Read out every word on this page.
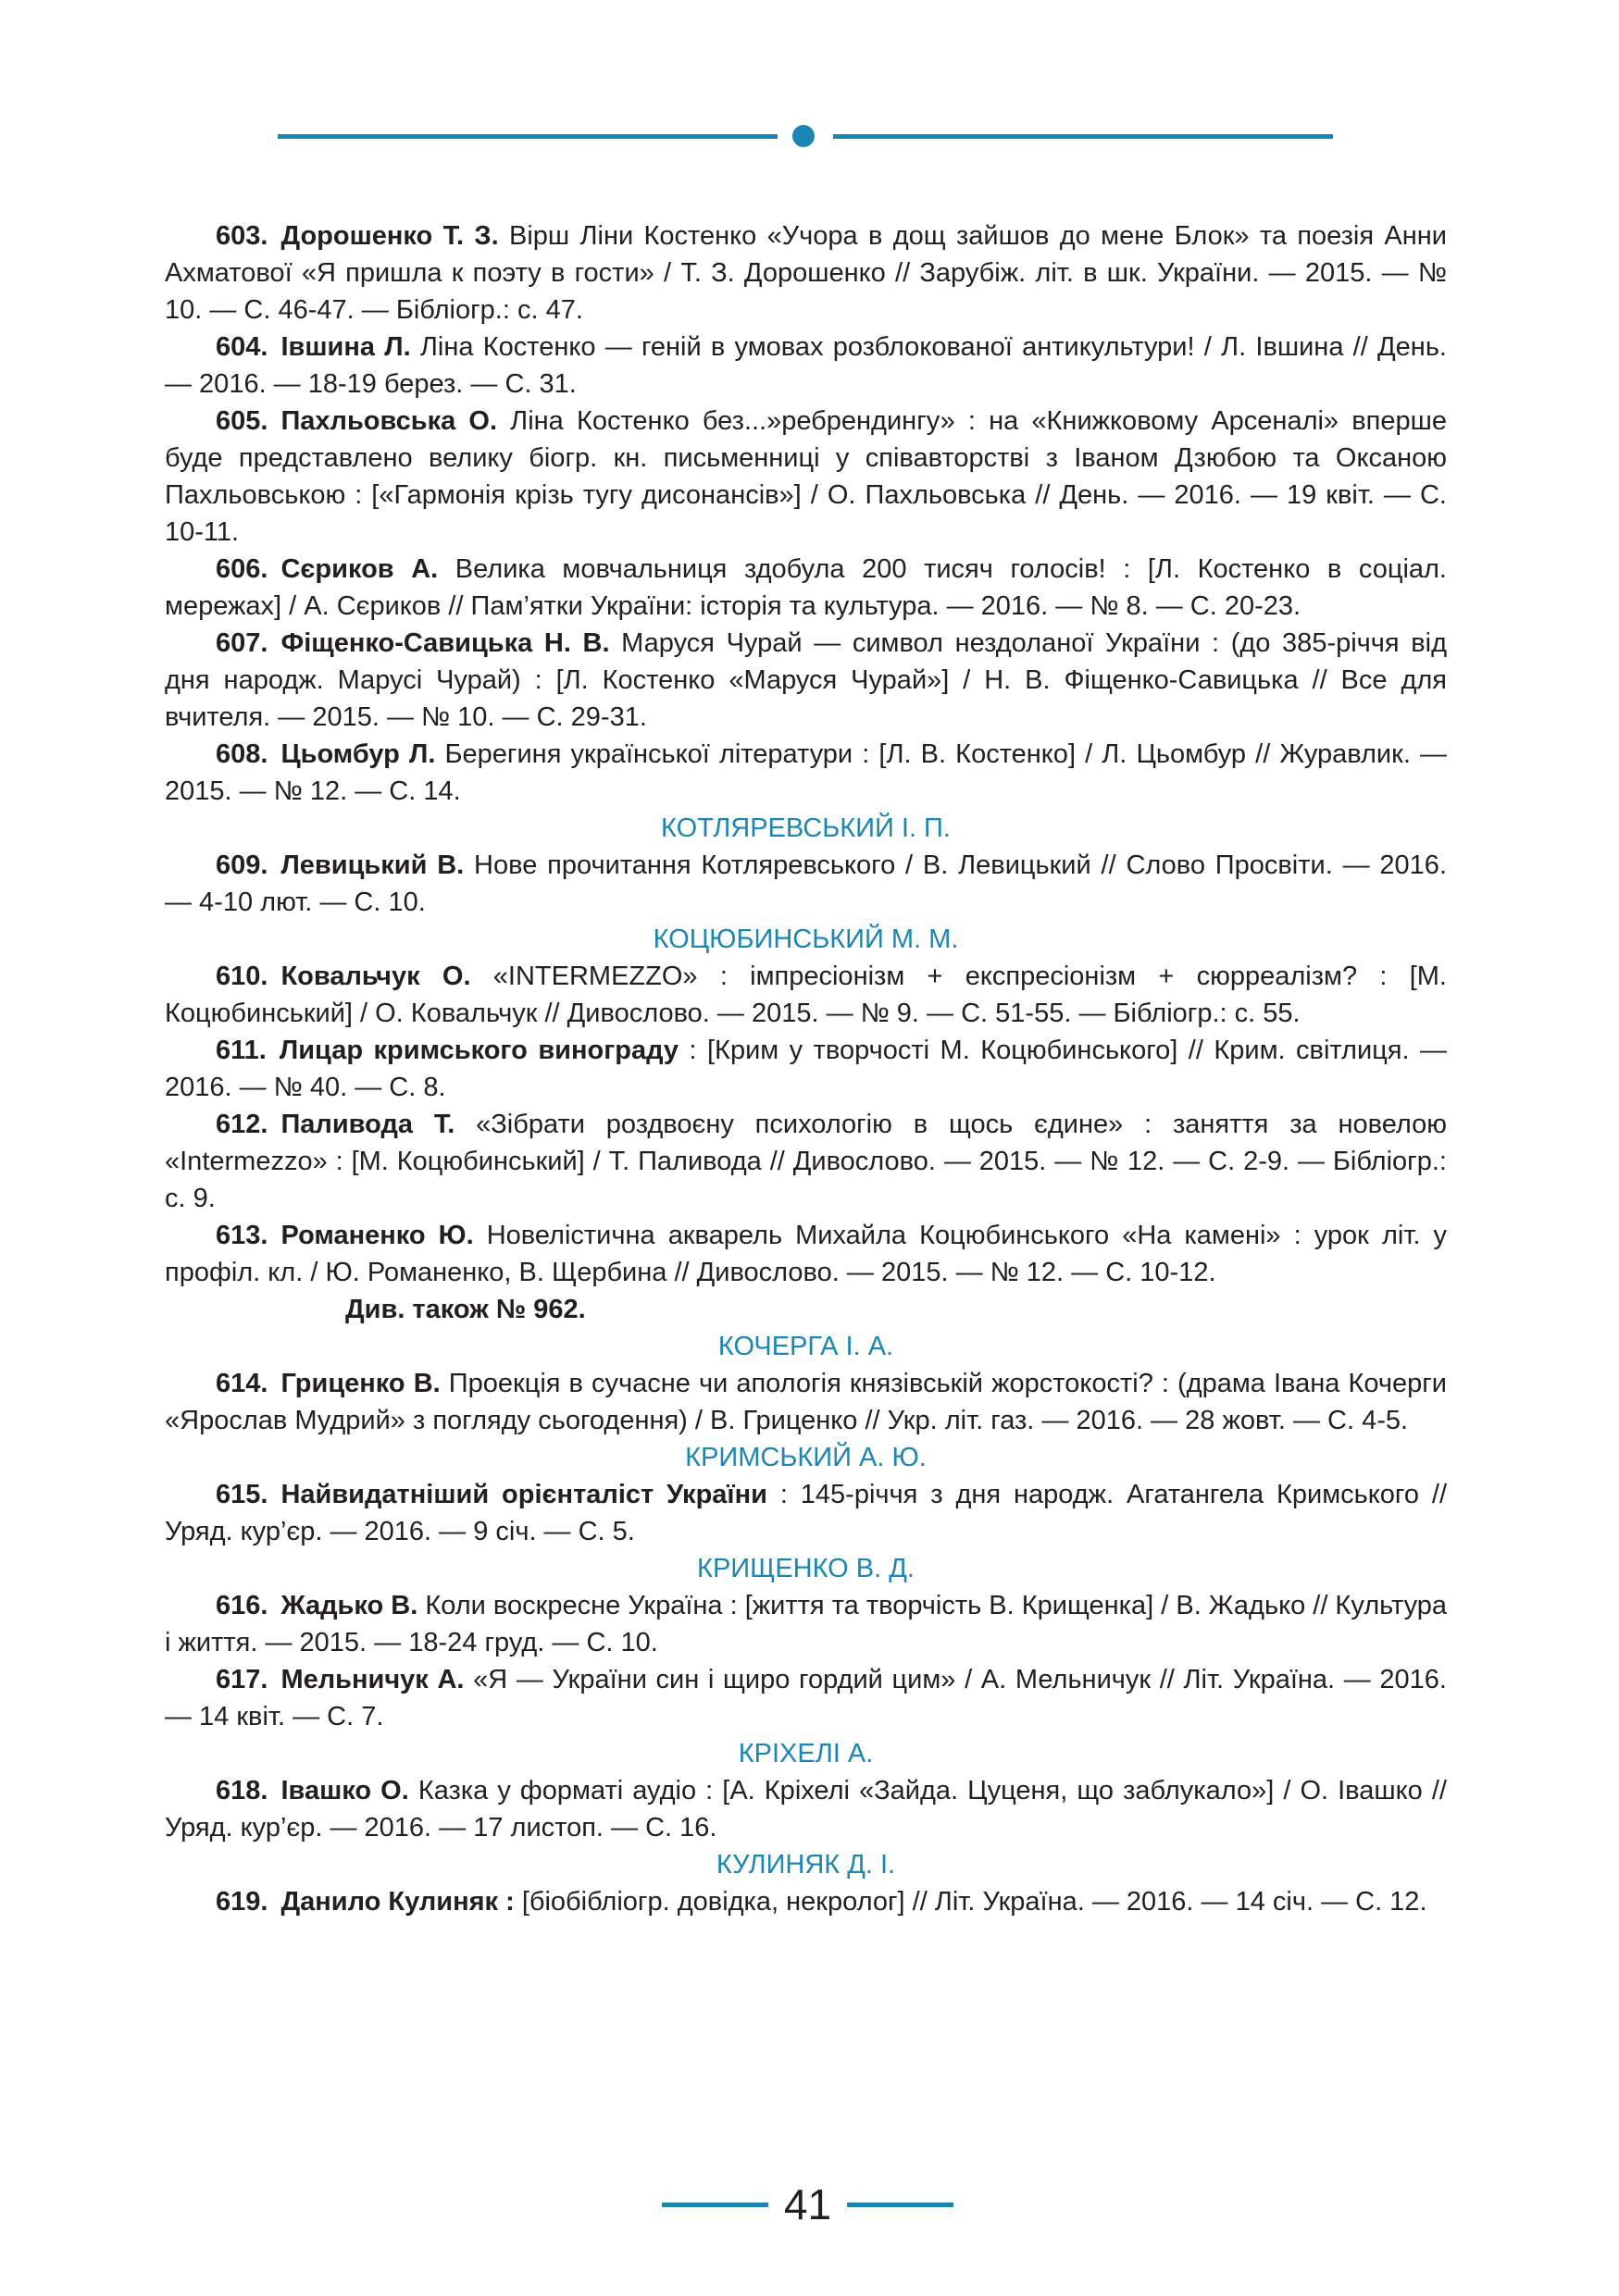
603. Дорошенко Т. З. Вірш Ліни Костенко «Учора в дощ зайшов до мене Блок» та поезія Анни Ахматової «Я пришла к поэту в гости» / Т. З. Дорошенко // Зарубіж. літ. в шк. України. — 2015. — № 10. — С. 46-47. — Бібліогр.: с. 47.

604. Івшина Л. Ліна Костенко — геній в умовах розблокованої антикультури! / Л. Івшина // День. — 2016. — 18-19 берез. — С. 31.

605. Пахльовська О. Ліна Костенко без...»ребрендингу» : на «Книжковому Арсеналі» вперше буде представлено велику біогр. кн. письменниці у співавторстві з Іваном Дзюбою та Оксаною Пахльовською : [«Гармонія крізь тугу дисонансів»] / О. Пахльовська // День. — 2016. — 19 квіт. — С. 10-11.

606. Сєриков А. Велика мовчальниця здобула 200 тисяч голосів! : [Л. Костенко в соціал. мережах] / А. Сєриков // Пам’ятки України: історія та культура. — 2016. — № 8. — С. 20-23.

607. Фіщенко-Савицька Н. В. Маруся Чурай — символ нездоланої України : (до 385-річчя від дня народж. Марусі Чурай) : [Л. Костенко «Маруся Чурай»] / Н. В. Фіщенко-Савицька // Все для вчителя. — 2015. — № 10. — С. 29-31.

608. Цьомбур Л. Берегиня української літератури : [Л. В. Костенко] / Л. Цьомбур // Журавлик. — 2015. — № 12. — С. 14.

КОТЛЯРЕВСЬКИЙ І. П.

609. Левицький В. Нове прочитання Котляревського / В. Левицький // Слово Просвіти. — 2016. — 4-10 лют. — С. 10.

КОЦЮБИНСЬКИЙ М. М.

610. Ковальчук О. «INTERMEZZO» : імпресіонізм + експресіонізм + сюрреалізм? : [М. Коцюбинський] / О. Ковальчук // Дивослово. — 2015. — № 9. — С. 51-55. — Бібліогр.: с. 55.

611. Лицар кримського винограду : [Крим у творчості М. Коцюбинського] // Крим. світлиця. — 2016. — № 40. — С. 8.

612. Паливода Т. «Зібрати роздвоєну психологію в щось єдине» : заняття за новелою «Intermezzo» : [М. Коцюбинський] / Т. Паливода // Дивослово. — 2015. — № 12. — С. 2-9. — Бібліогр.: с. 9.

613. Романенко Ю. Новелістична акварель Михайла Коцюбинського «На камені» : урок літ. у профіл. кл. / Ю. Романенко, В. Щербина // Дивослово. — 2015. — № 12. — С. 10-12.

Див. також № 962.

КОЧЕРГА І. А.

614. Гриценко В. Проекція в сучасне чи апологія князівській жорстокості? : (драма Івана Кочерги «Ярослав Мудрий» з погляду сьогодення) / В. Гриценко // Укр. літ. газ. — 2016. — 28 жовт. — С. 4-5.

КРИМСЬКИЙ А. Ю.

615. Найвидатніший орієнталіст України : 145-річчя з дня народж. Агатангела Кримського // Уряд. кур’єр. — 2016. — 9 січ. — С. 5.

КРИЩЕНКО В. Д.

616. Жадько В. Коли воскресне Україна : [життя та творчість В. Крищенка] / В. Жадько // Культура і життя. — 2015. — 18-24 груд. — С. 10.

617. Мельничук А. «Я — України син і щиро гордий цим» / А. Мельничук // Літ. Україна. — 2016. — 14 квіт. — С. 7.

КРІХЕЛІ А.

618. Івашко О. Казка у форматі аудіо : [А. Кріхелі «Зайда. Цуценя, що заблукало»] / О. Івашко // Уряд. кур’єр. — 2016. — 17 листоп. — С. 16.

КУЛИНЯК Д. І.

619. Данило Кулиняк : [біобібліогр. довідка, некролог] // Літ. Україна. — 2016. — 14 січ. — С. 12.

41
